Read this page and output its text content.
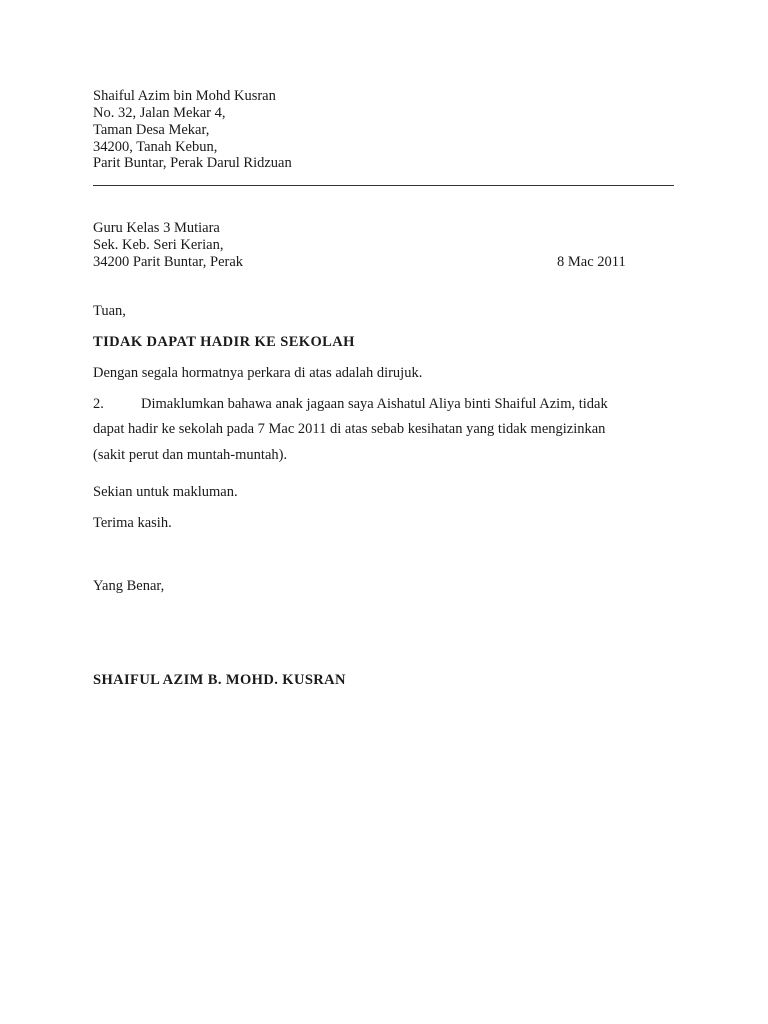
Shaiful Azim bin Mohd Kusran
No. 32, Jalan Mekar 4,
Taman Desa Mekar,
34200, Tanah Kebun,
Parit Buntar, Perak Darul Ridzuan
Guru Kelas 3 Mutiara
Sek. Keb. Seri Kerian,
34200 Parit Buntar, Perak	8 Mac 2011
Tuan,
TIDAK DAPAT HADIR KE SEKOLAH
Dengan segala hormatnya perkara di atas adalah dirujuk.
2.	Dimaklumkan bahawa anak jagaan saya Aishatul Aliya binti Shaiful Azim, tidak
dapat hadir ke sekolah pada 7 Mac 2011 di atas sebab kesihatan yang tidak mengizinkan
(sakit perut dan muntah-muntah).
Sekian untuk makluman.
Terima kasih.
Yang Benar,
SHAIFUL AZIM B. MOHD. KUSRAN
